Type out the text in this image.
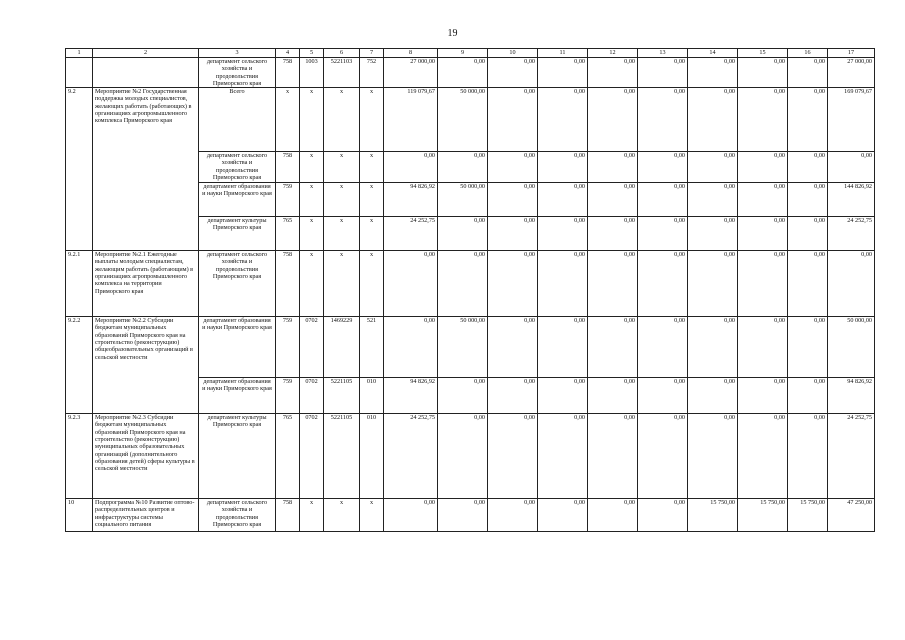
19
1	2	3	4	5	6	7	8	9	10	11	12	13	14	15	16	17
		департамент сельского хозяйства и продовольствия Приморского края	758	1003	5221103	752	27 000,00	0,00	0,00	0,00	0,00	0,00	0,00	0,00	0,00	27 000,00
9.2	Мероприятие №2 Государственная поддержка молодых специалистов, желающих работать (работающих) в организациях агропромышленного комплекса Приморского края	Всего	x	x	x	x	119 079,67	50 000,00	0,00	0,00	0,00	0,00	0,00	0,00	0,00	169 079,67
		департамент сельского хозяйства и продовольствия Приморского края	758	x	x	x	0,00	0,00	0,00	0,00	0,00	0,00	0,00	0,00	0,00	0,00
		департамент образования и науки Приморского края	759	x	x	x	94 826,92	50 000,00	0,00	0,00	0,00	0,00	0,00	0,00	0,00	144 826,92
		департамент культуры Приморского края	765	x	x	x	24 252,75	0,00	0,00	0,00	0,00	0,00	0,00	0,00	0,00	24 252,75
9.2.1	Мероприятие №2.1 Ежегодные выплаты молодым специалистам, желающим работать (работающим) в организациях агропромышленного комплекса на территории Приморского края	департамент сельского хозяйства и продовольствия Приморского края	758	x	x	x	0,00	0,00	0,00	0,00	0,00	0,00	0,00	0,00	0,00	0,00
9.2.2	Мероприятие №2.2 Субсидии бюджетам муниципальных образований Приморского края на строительство (реконструкцию) общеобразовательных организаций в сельской местности	департамент образования и науки Приморского края	759	0702	1469229	521	0,00	50 000,00	0,00	0,00	0,00	0,00	0,00	0,00	0,00	50 000,00
		департамент образования и науки Приморского края	759	0702	5221105	010	94 826,92	0,00	0,00	0,00	0,00	0,00	0,00	0,00	0,00	94 826,92
9.2.3	Мероприятие №2.3 Субсидии бюджетам муниципальных образований Приморского края на строительство (реконструкцию) муниципальных образовательных организаций (дополнительного образования детей) сферы культуры в сельской местности	департамент культуры Приморского края	765	0702	5221105	010	24 252,75	0,00	0,00	0,00	0,00	0,00	0,00	0,00	0,00	24 252,75
10	Подпрограмма №10 Развитие оптово-распределительных центров и инфраструктуры системы социального питания	департамент сельского хозяйства и продовольствия Приморского края	758	x	x	x	0,00	0,00	0,00	0,00	0,00	0,00	15 750,00	15 750,00	15 750,00	47 250,00
